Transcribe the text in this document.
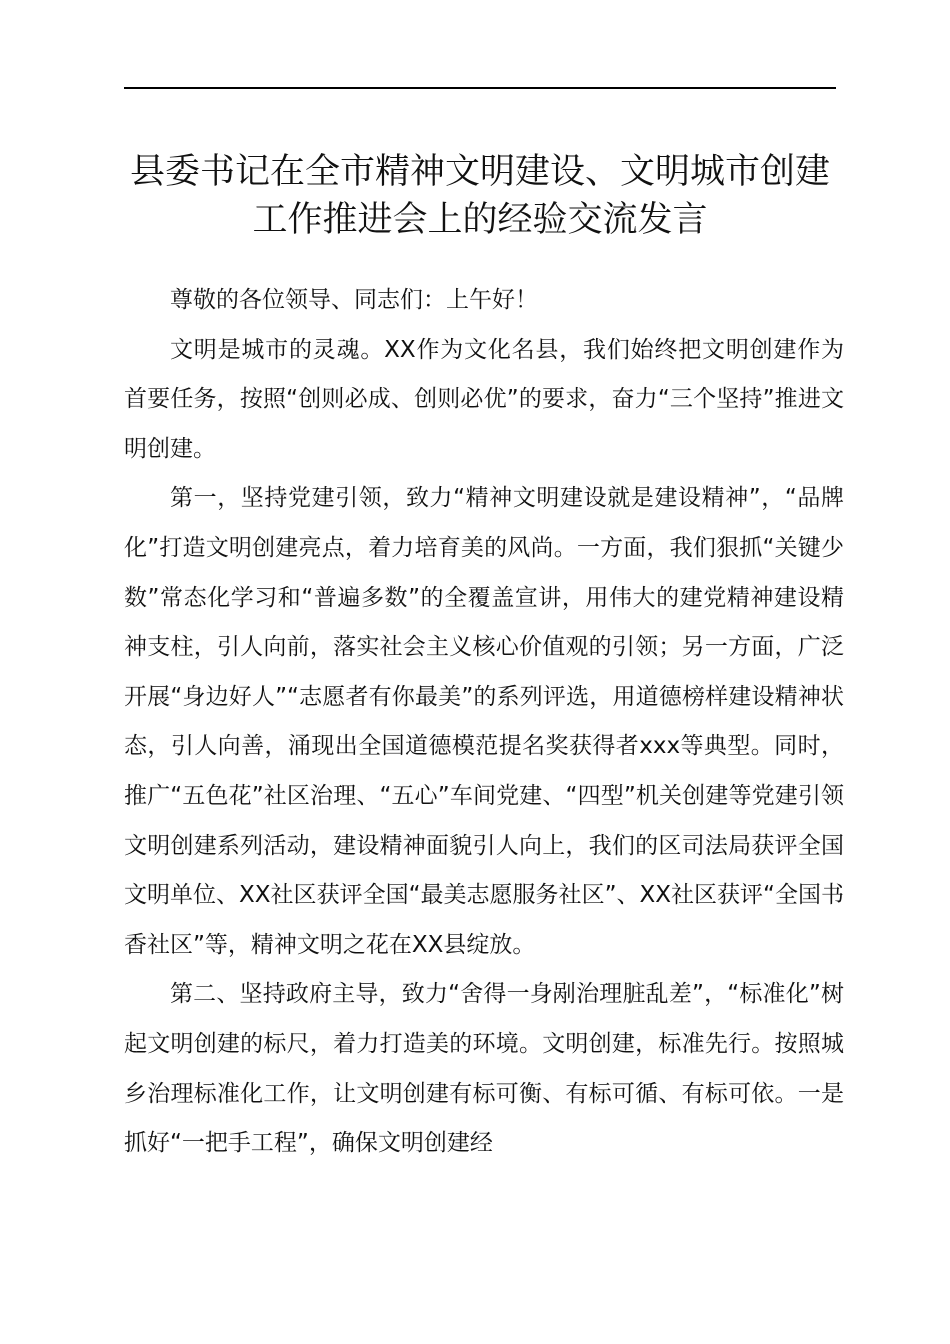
县委书记在全市精神文明建设、文明城市创建
工作推进会上的经验交流发言

尊敬的各位领导、同志们：上午好！

文明是城市的灵魂。XX作为文化名县，我们始终把文明创建作为首要任务，按照“创则必成、创则必优”的要求，奋力“三个坚持”推进文明创建。

第一，坚持党建引领，致力“精神文明建设就是建设精神”，“品牌化”打造文明创建亮点，着力培育美的风尚。一方面，我们狠抓“关键少数”常态化学习和“普遍多数”的全覆盖宣讲，用伟大的建党精神建设精神支柱，引人向前，落实社会主义核心价值观的引领；另一方面，广泛开展“身边好人”“志愿者有你最美”的系列评选，用道德榜样建设精神状态，引人向善，涌现出全国道德模范提名奖获得者xxx等典型。同时，推广“五色花”社区治理、“五心”车间党建、“四型”机关创建等党建引领文明创建系列活动，建设精神面貌引人向上，我们的区司法局获评全国文明单位、XX社区获评全国“最美志愿服务社区”、XX社区获评“全国书香社区”等，精神文明之花在XX县绽放。

第二、坚持政府主导，致力“舍得一身剐治理脏乱差”，“标准化”树起文明创建的标尺，着力打造美的环境。文明创建，标准先行。按照城乡治理标准化工作，让文明创建有标可衡、有标可循、有标可依。一是抓好“一把手工程”，确保文明创建经
